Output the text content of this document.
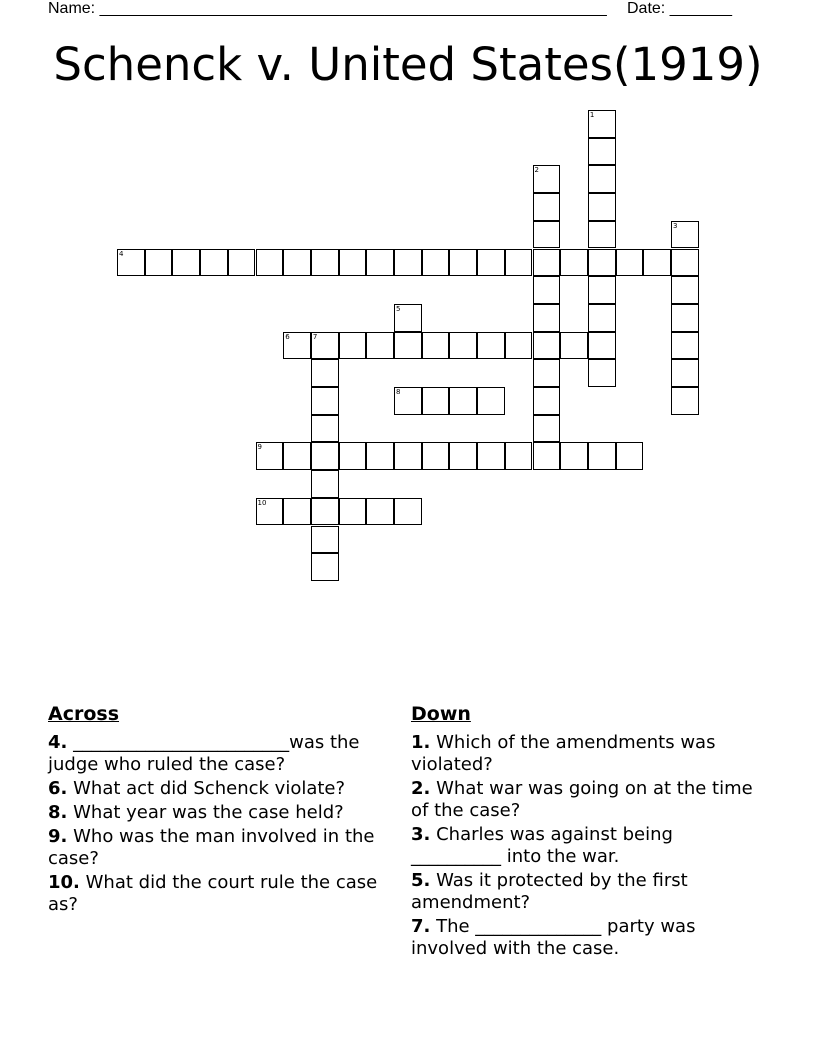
Name: _________________________________________________________ Date: _______
Schenck v. United States(1919)
1
2
3
4
5
6	7
8
9
10
Across
4. ________________________was the judge who ruled the case?
6. What act did Schenck violate?
8. What year was the case held?
9. Who was the man involved in the case?
10. What did the court rule the case as?
Down
1. Which of the amendments was violated?
2. What war was going on at the time of the case?
3. Charles was against being __________ into the war.
5. Was it protected by the first amendment?
7. The ______________ party was involved with the case.
